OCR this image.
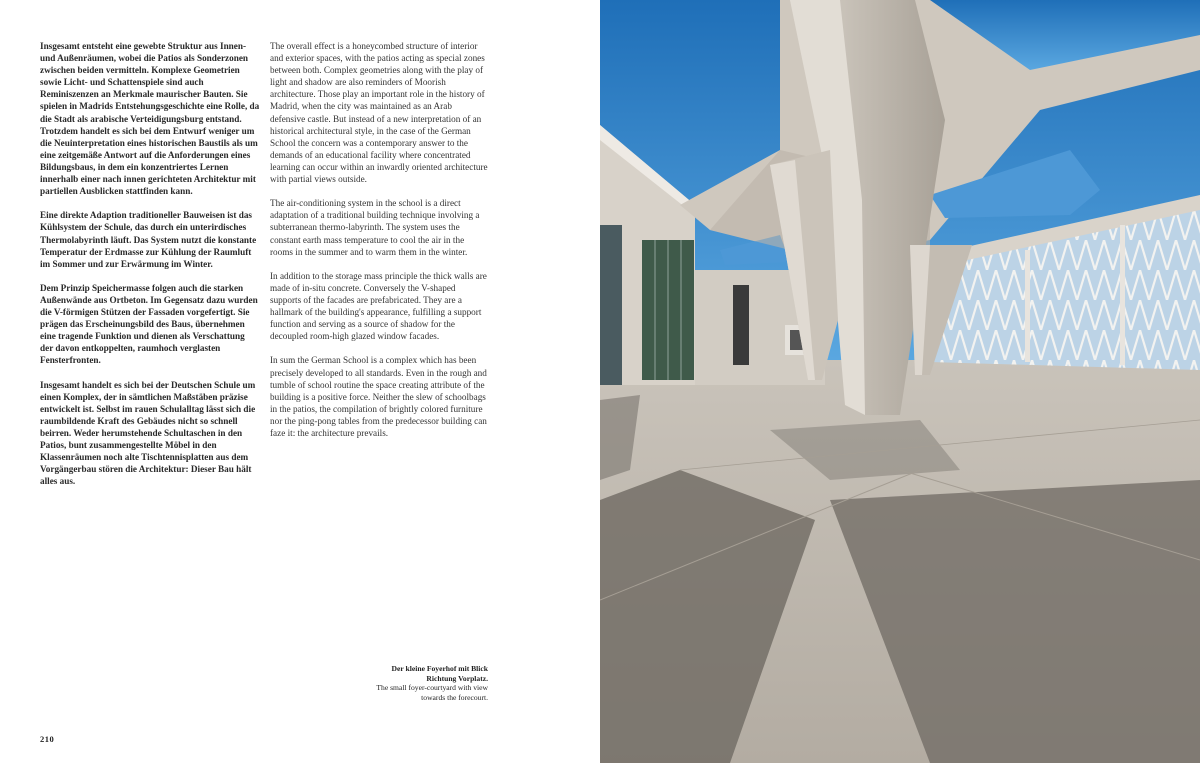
Insgesamt entsteht eine gewebte Struktur aus Innen- und Außenräumen, wobei die Patios als Sonderzonen zwischen beiden vermitteln. Komplexe Geometrien sowie Licht- und Schattenspiele sind auch Reminiszenzen an Merkmale maurischer Bauten. Sie spielen in Madrids Entstehungsgeschichte eine Rolle, da die Stadt als arabische Verteidigungsburg entstand. Trotzdem handelt es sich bei dem Entwurf weniger um die Neuinterpretation eines historischen Baustils als um eine zeitgemäße Antwort auf die Anforderungen eines Bildungsbaus, in dem ein konzentriertes Lernen innerhalb einer nach innen gerichteten Architektur mit partiellen Ausblicken stattfinden kann.

Eine direkte Adaption traditioneller Bauweisen ist das Kühlsystem der Schule, das durch ein unterirdisches Thermolabyrinth läuft. Das System nutzt die konstante Temperatur der Erdmasse zur Kühlung der Raumluft im Sommer und zur Erwärmung im Winter.

Dem Prinzip Speichermasse folgen auch die starken Außenwände aus Ortbeton. Im Gegensatz dazu wurden die V-förmigen Stützen der Fassaden vorgefertigt. Sie prägen das Erscheinungsbild des Baus, übernehmen eine tragende Funktion und dienen als Verschattung der davon entkoppelten, raumhoch verglasten Fensterfronten.

Insgesamt handelt es sich bei der Deutschen Schule um einen Komplex, der in sämtlichen Maßstäben präzise entwickelt ist. Selbst im rauen Schulalltag lässt sich die raumbildende Kraft des Gebäudes nicht so schnell beirren. Weder herumstehende Schultaschen in den Patios, bunt zusammengestellte Möbel in den Klassenräumen noch alte Tischtennisplatten aus dem Vorgängerbau stören die Architektur: Dieser Bau hält alles aus.

The overall effect is a honeycombed structure of interior and exterior spaces, with the patios acting as special zones between both. Complex geometries along with the play of light and shadow are also reminders of Moorish architecture. Those play an important role in the history of Madrid, when the city was maintained as an Arab defensive castle. But instead of a new interpretation of an historical architectural style, in the case of the German School the concern was a contemporary answer to the demands of an educational facility where concentrated learning can occur within an inwardly oriented architecture with partial views outside.

The air-conditioning system in the school is a direct adaptation of a traditional building technique involving a subterranean thermo-labyrinth. The system uses the constant earth mass temperature to cool the air in the rooms in the summer and to warm them in the winter.

In addition to the storage mass principle the thick walls are made of in-situ concrete. Conversely the V-shaped supports of the facades are prefabricated. They are a hallmark of the building's appearance, fulfilling a support function and serving as a source of shadow for the decoupled room-high glazed window facades.

In sum the German School is a complex which has been precisely developed to all standards. Even in the rough and tumble of school routine the space creating attribute of the building is a positive force. Neither the slew of schoolbags in the patios, the compilation of brightly colored furniture nor the ping-pong tables from the predecessor building can faze it: the architecture prevails.

Der kleine Foyerhof mit Blick Richtung Vorplatz.
The small foyer-courtyard with view towards the forecourt.
210
